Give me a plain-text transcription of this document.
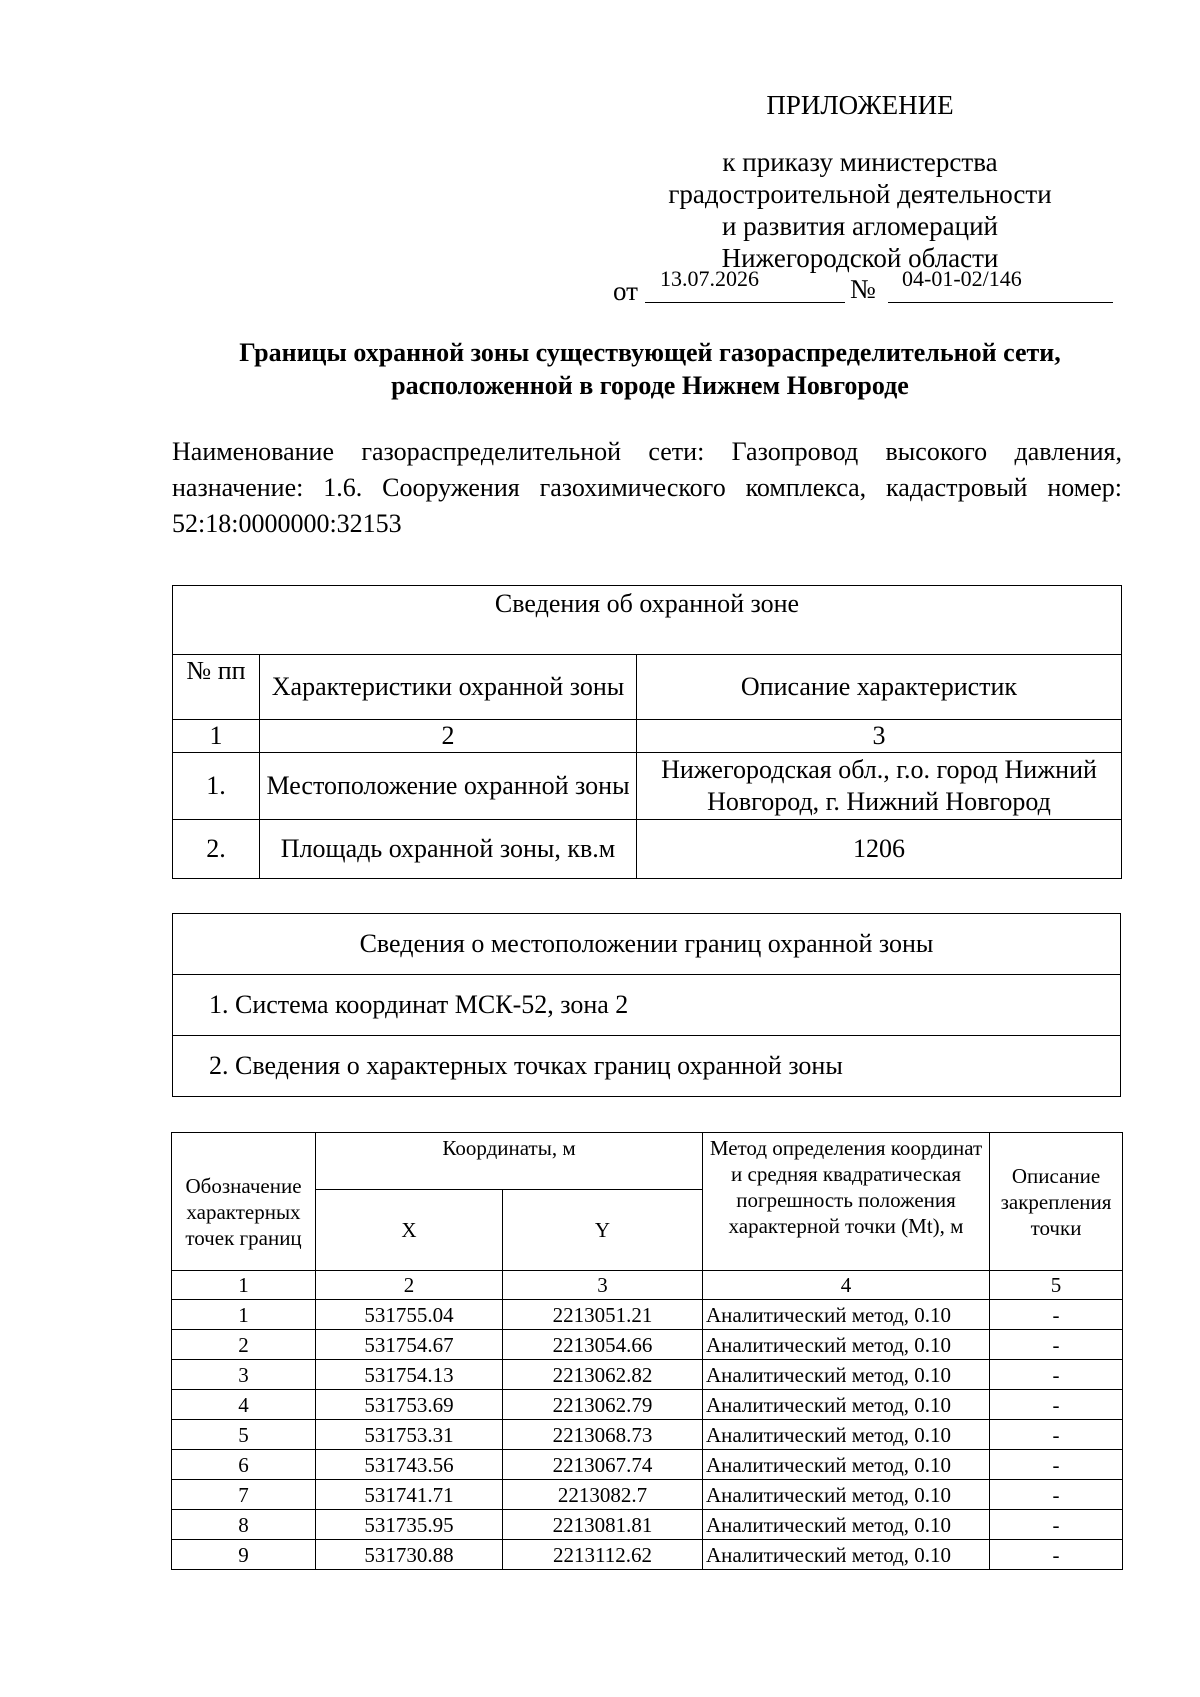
ПРИЛОЖЕНИЕ
к приказу министерства
градостроительной деятельности
и развития агломераций
Нижегородской области
от 13.07.2026	№ 04-01-02/146
Границы охранной зоны существующей газораспределительной сети,
расположенной в городе Нижнем Новгороде
Наименование газораспределительной сети: Газопровод высокого давления, назначение: 1.6. Сооружения газохимического комплекса, кадастровый номер: 52:18:0000000:32153
Сведения об охранной зоне		
№ пп	Характеристики охранной зоны	Описание характеристик
1	2	3
1.	Местоположение охранной зоны	Нижегородская обл., г.о. город Нижний Новгород, г. Нижний Новгород
2.	Площадь охранной зоны, кв.м	1206
Сведения о местоположении границ охранной зоны
1. Система координат МСК-52, зона 2
2. Сведения о характерных точках границ охранной зоны
Обозначение характерных точек границ	Координаты, м		Метод определения координат и средняя квадратическая погрешность положения характерной точки (Mt), м	Описание закрепления точки
	X	Y		
1	2	3	4	5
1	531755.04	2213051.21	Аналитический метод, 0.10	-
2	531754.67	2213054.66	Аналитический метод, 0.10	-
3	531754.13	2213062.82	Аналитический метод, 0.10	-
4	531753.69	2213062.79	Аналитический метод, 0.10	-
5	531753.31	2213068.73	Аналитический метод, 0.10	-
6	531743.56	2213067.74	Аналитический метод, 0.10	-
7	531741.71	2213082.7	Аналитический метод, 0.10	-
8	531735.95	2213081.81	Аналитический метод, 0.10	-
9	531730.88	2213112.62	Аналитический метод, 0.10	-
